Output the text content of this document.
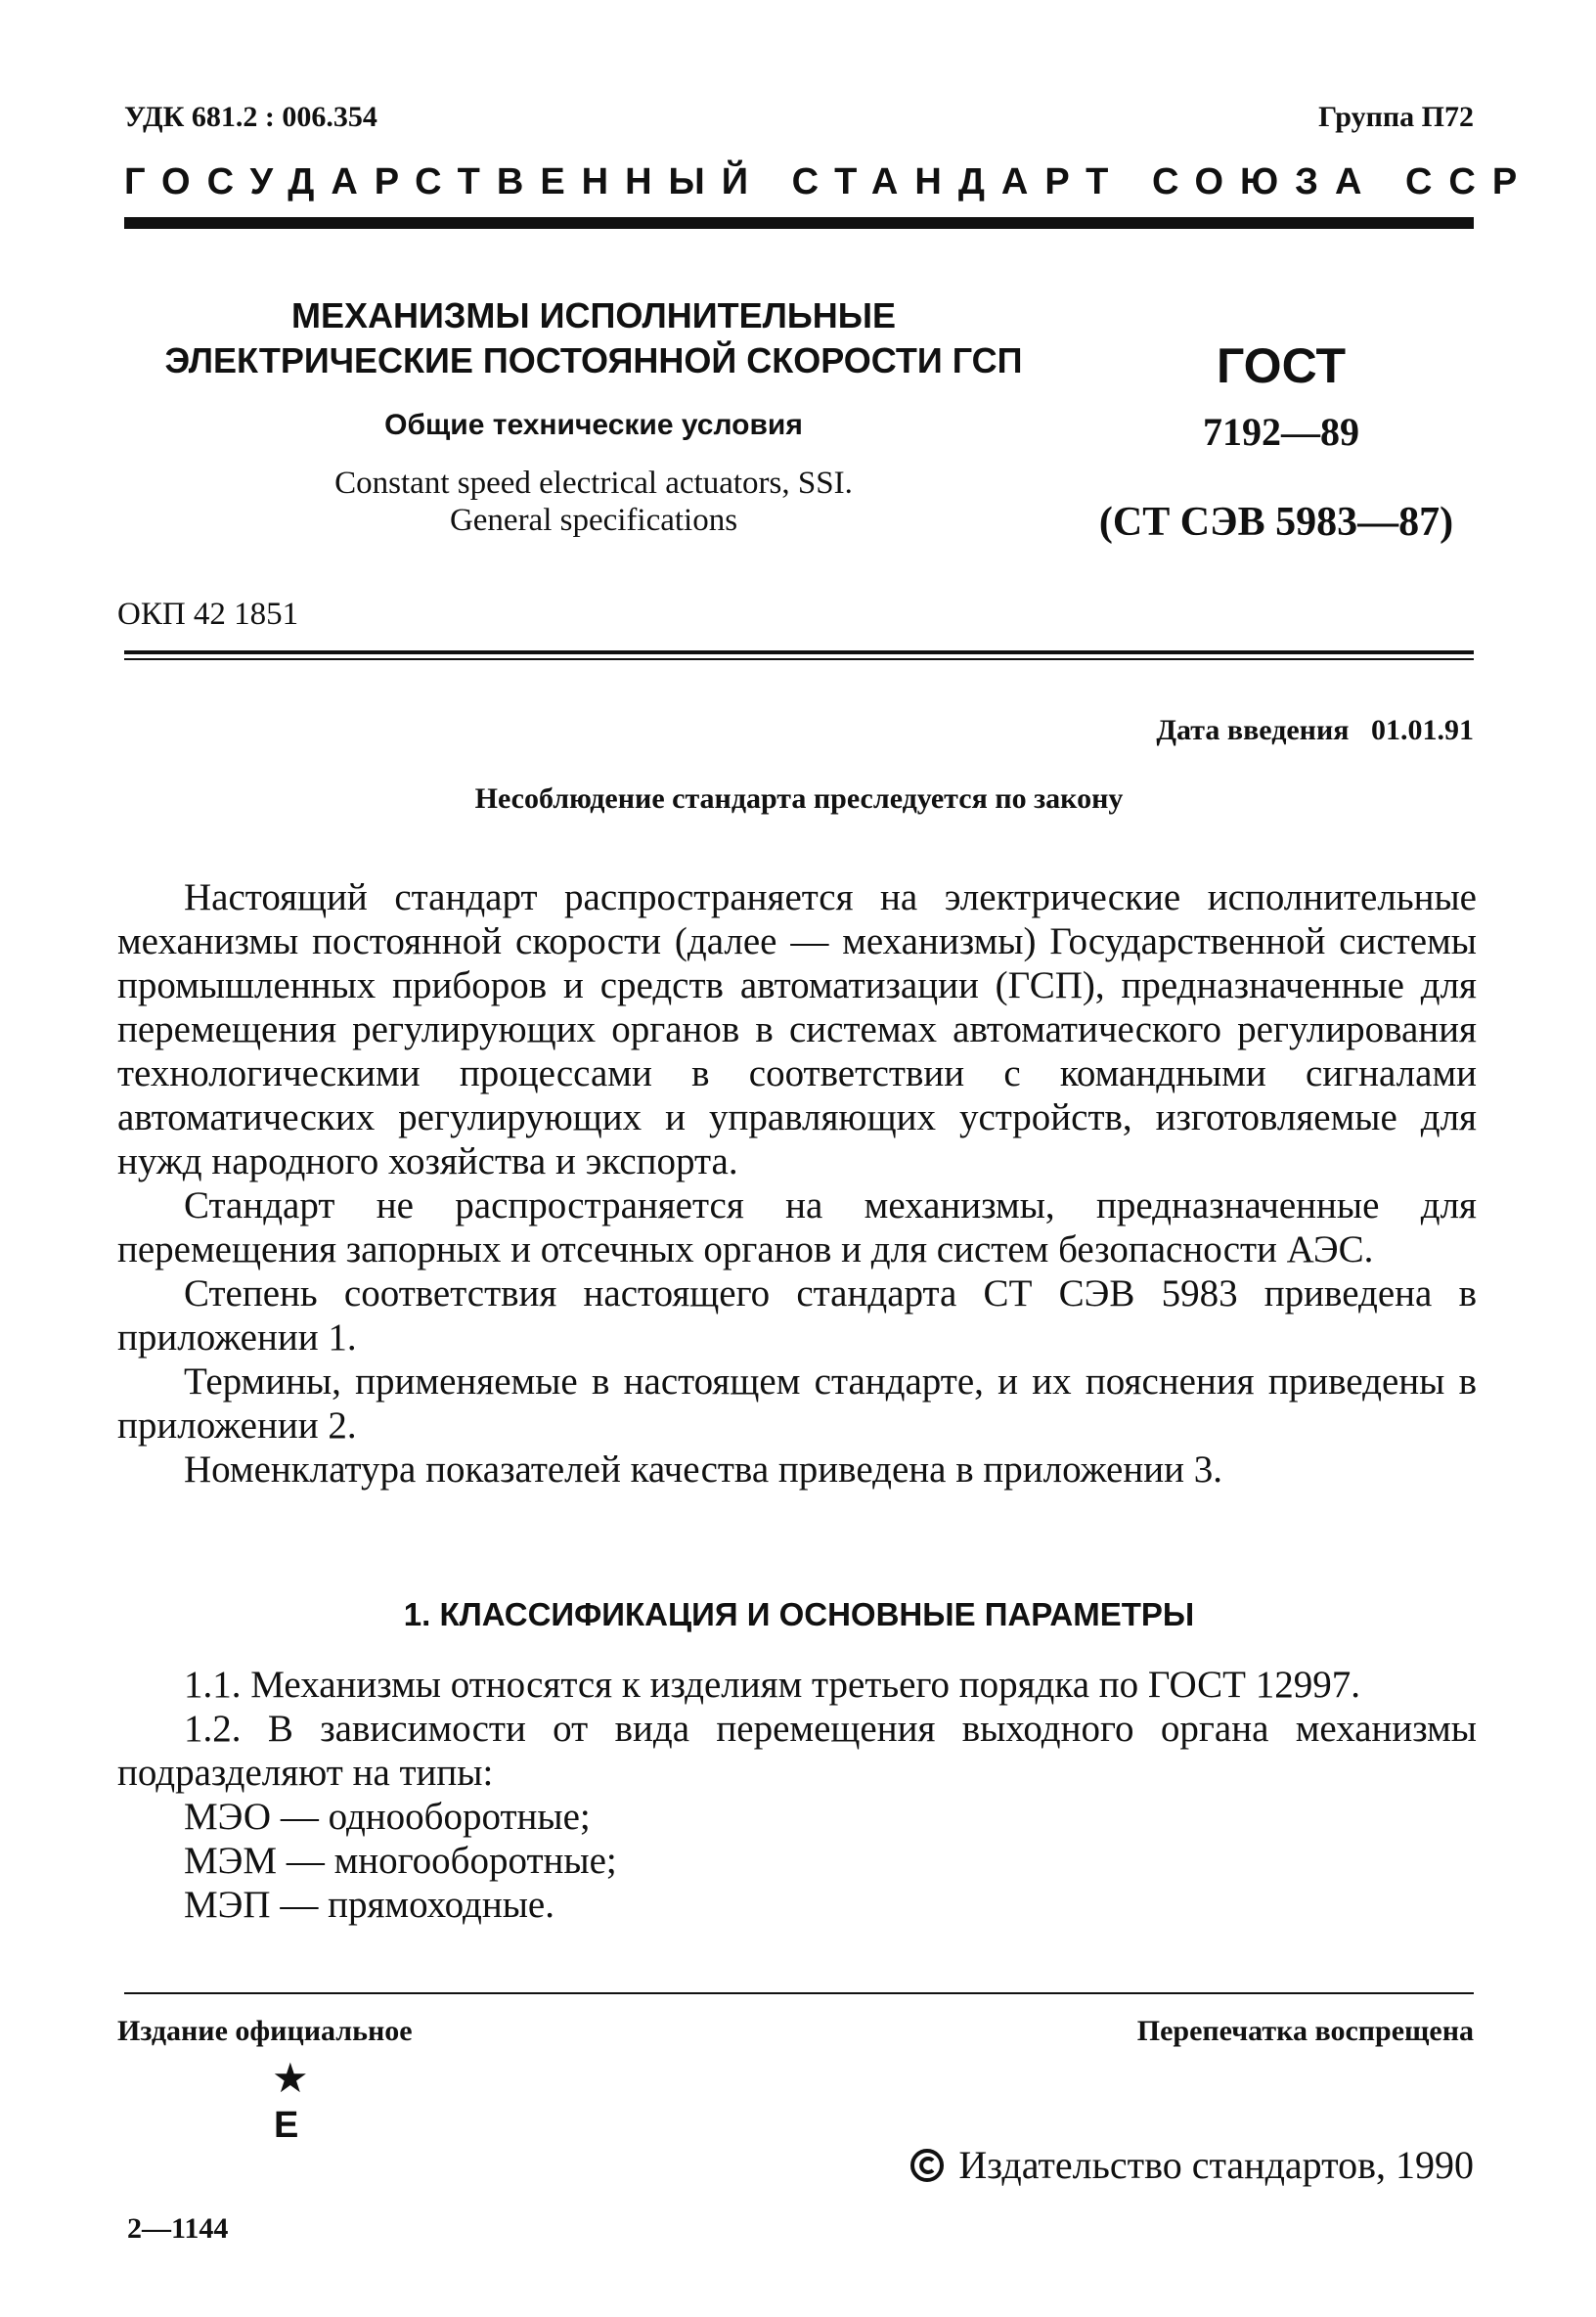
УДК 681.2 : 006.354	Группа П72
ГОСУДАРСТВЕННЫЙ СТАНДАРТ СОЮЗА ССР
МЕХАНИЗМЫ ИСПОЛНИТЕЛЬНЫЕ
ЭЛЕКТРИЧЕСКИЕ ПОСТОЯННОЙ СКОРОСТИ ГСП
Общие технические условия
Constant speed electrical actuators, SSI.
General specifications
ГОСТ
7192—89
(СТ СЭВ 5983—87)
ОКП 42 1851
Дата введения 01.01.91
Несоблюдение стандарта преследуется по закону

Настоящий стандарт распространяется на электрические исполнительные механизмы постоянной скорости (далее — механизмы) Государственной системы промышленных приборов и средств автоматизации (ГСП), предназначенные для перемещения регулирующих органов в системах автоматического регулирования технологическими процессами в соответствии с командными сигналами автоматических регулирующих и управляющих устройств, изготовляемые для нужд народного хозяйства и экспорта.

Стандарт не распространяется на механизмы, предназначенные для перемещения запорных и отсечных органов и для систем безопасности АЭС.

Степень соответствия настоящего стандарта СТ СЭВ 5983 приведена в приложении 1.

Термины, применяемые в настоящем стандарте, и их пояснения приведены в приложении 2.

Номенклатура показателей качества приведена в приложении 3.

1. КЛАССИФИКАЦИЯ И ОСНОВНЫЕ ПАРАМЕТРЫ

1.1. Механизмы относятся к изделиям третьего порядка по ГОСТ 12997.

1.2. В зависимости от вида перемещения выходного органа механизмы подразделяют на типы:

МЭО — однооборотные;
МЭМ — многооборотные;
МЭП — прямоходные.
Издание официальное	Перепечатка воспрещена
★
Е
Издательство стандартов, 1990
2—1144
